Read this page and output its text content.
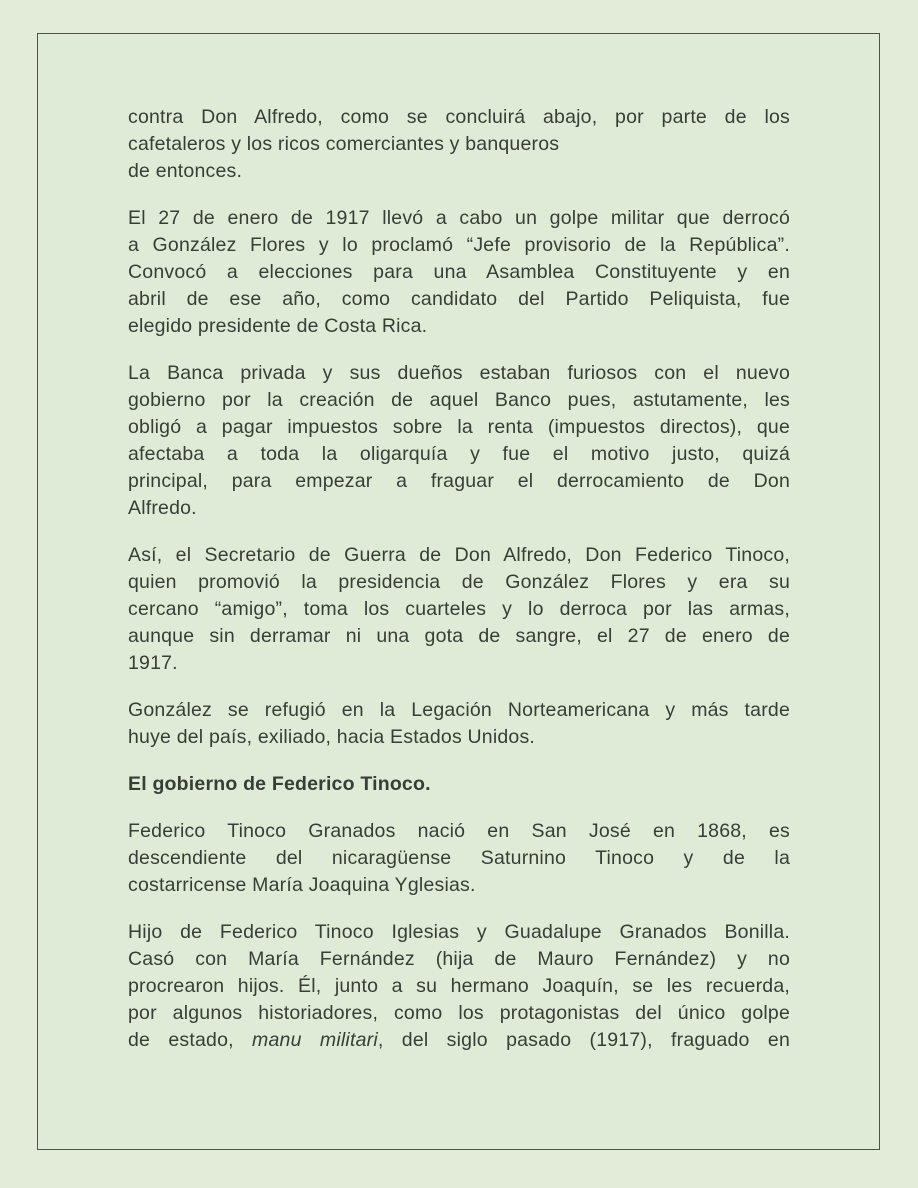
contra Don Alfredo, como se concluirá abajo, por parte de los
cafetaleros y los ricos comerciantes y banqueros
de entonces.
El 27 de enero de 1917 llevó a cabo un golpe militar que derrocó
a González Flores y lo proclamó “Jefe provisorio de la República”.
Convocó a elecciones para una Asamblea Constituyente y en
abril de ese año, como candidato del Partido Peliquista, fue
elegido presidente de Costa Rica.
La Banca privada y sus dueños estaban furiosos con el nuevo
gobierno por la creación de aquel Banco pues, astutamente, les
obligó a pagar impuestos sobre la renta (impuestos directos), que
afectaba a toda la oligarquía y fue el motivo justo, quizá
principal, para empezar a fraguar el derrocamiento de Don
Alfredo.
Así, el Secretario de Guerra de Don Alfredo, Don Federico Tinoco,
quien promovió la presidencia de González Flores y era su
cercano “amigo”, toma los cuarteles y lo derroca por las armas,
aunque sin derramar ni una gota de sangre, el 27 de enero de
1917.
González se refugió en la Legación Norteamericana y más tarde
huye del país, exiliado, hacia Estados Unidos.
El gobierno de Federico Tinoco.
Federico Tinoco Granados nació en San José en 1868, es
descendiente del nicaragüense Saturnino Tinoco y de la
costarricense María Joaquina Yglesias.
Hijo de Federico Tinoco Iglesias y Guadalupe Granados Bonilla.
Casó con María Fernández (hija de Mauro Fernández) y no
procrearon hijos. Él, junto a su hermano Joaquín, se les recuerda,
por algunos historiadores, como los protagonistas del único golpe
de estado, manu militari, del siglo pasado (1917), fraguado en
